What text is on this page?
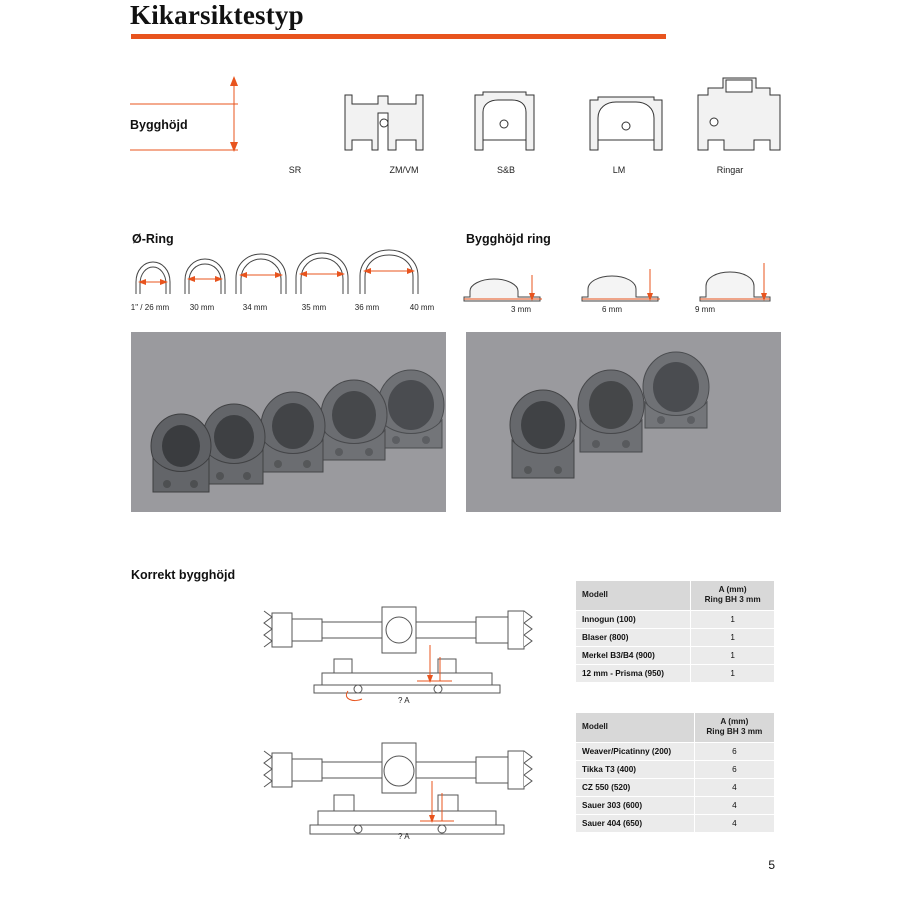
Kikarsiktestyp
Bygghöjd
SR	ZM/VM	S&B	LM	Ringar
Ø-Ring
1" / 26 mm	30 mm	34 mm	35 mm	36 mm	40 mm
Bygghöjd ring
3 mm	6 mm	9 mm
Korrekt bygghöjd
? A
? A
Modell	A (mm)
Ring BH 3 mm
Innogun (100)	1
Blaser (800)	1
Merkel B3/B4 (900)	1
12 mm - Prisma (950)	1
Modell	A (mm)
Ring BH 3 mm
Weaver/Picatinny (200)	6
Tikka T3 (400)	6
CZ 550 (520)	4
Sauer 303 (600)	4
Sauer 404 (650)	4
5
